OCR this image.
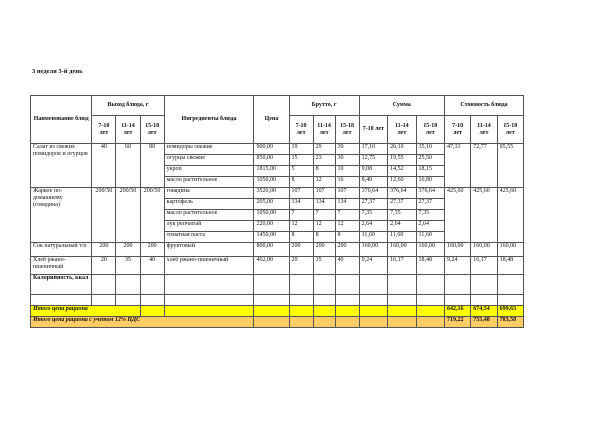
3 неделя 3-й день
Наименование блюд	Выход блюда, г			Ингредиенты блюда	Цена	Брутто, г			Сумма			Стоимость блюда		
	7-10 лет	11-14 лет	15-18 лет			7-10 лет	11-14 лет	15-18 лет	7-10 лет	11-14 лет	15-18 лет	7-10 лет	11-14 лет	15-18 лет
Салат из свежих помидоров и огурцов	40	60	80	помидоры свежие	900,00	19	29	39	17,10	26,10	35,10	47,33	72,77	95,55
				огурцы свежие	850,00	15	23	30	12,75	19,55	25,50			
				укроп	1815,00	5	8	10	9,08	14,52	18,15			
				масло растительное	1050,00	8	12	16	8,40	12,60	16,80			
Жаркое по-домашнему (говядина)	200/50	200/50	200/50	говядина	3520,00	107	107	107	376,64	376,64	376,64	425,60	425,60	425,60
				картофель	205,00	134	134	134	27,37	27,37	27,37			
				масло растительное	1050,00	7	7	7	7,35	7,35	7,35			
				лук репчатый	220,00	12	12	12	2,64	2,64	2,64			
				томатная паста	1450,00	8	8	8	11,60	11,60	11,60			
Сок натуральный т/п	200	200	200	фруктовый	800,00	200	200	200	160,00	160,00	160,00	160,00	160,00	160,00
Хлеб ржано-пшеничный	20	35	40	хлеб ржано-пшеничный	462,00	20	35	40	9,24	16,17	18,48	9,24	16,17	18,48
Калорийность, ккал														

Итого цена рациона												642,16	674,54	699,63
Итого цена рациона с учетом 12% НДС												719,22	755,48	783,58
